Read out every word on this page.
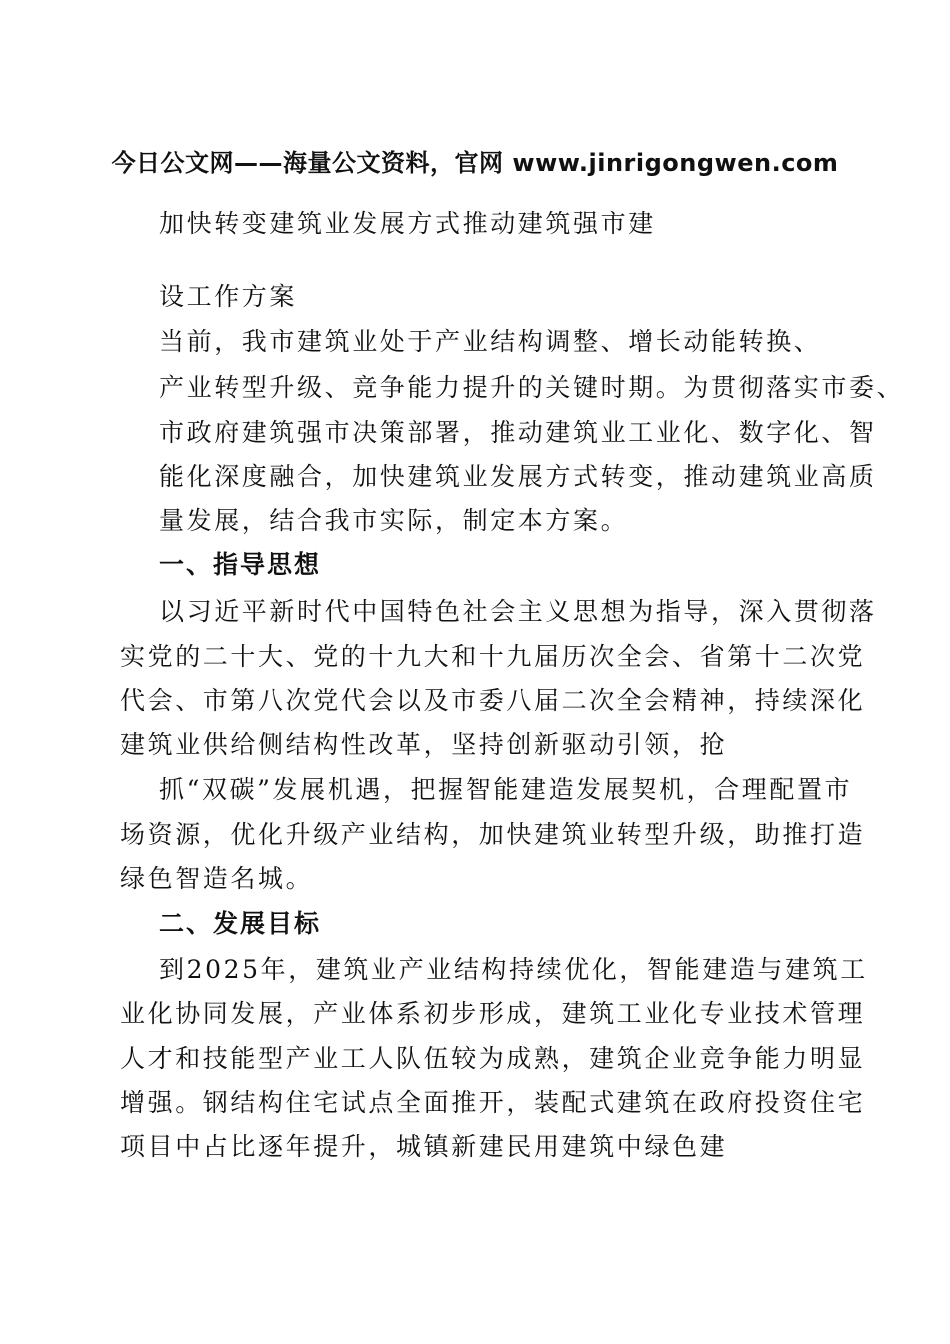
今日公文网——海量公文资料，官网 www.jinrigongwen.com
加快转变建筑业发展方式推动建筑强市建
设工作方案
当前，我市建筑业处于产业结构调整、增长动能转换、
产业转型升级、竞争能力提升的关键时期。为贯彻落实市委、
市政府建筑强市决策部署，推动建筑业工业化、数字化、智
能化深度融合，加快建筑业发展方式转变，推动建筑业高质
量发展，结合我市实际，制定本方案。
一、指导思想
以习近平新时代中国特色社会主义思想为指导，深入贯彻落
实党的二十大、党的十九大和十九届历次全会、省第十二次党
代会、市第八次党代会以及市委八届二次全会精神，持续深化
建筑业供给侧结构性改革，坚持创新驱动引领，抢
抓“双碳”发展机遇，把握智能建造发展契机，合理配置市
场资源，优化升级产业结构，加快建筑业转型升级，助推打造
绿色智造名城。
二、发展目标
到2025年，建筑业产业结构持续优化，智能建造与建筑工
业化协同发展，产业体系初步形成，建筑工业化专业技术管理
人才和技能型产业工人队伍较为成熟，建筑企业竞争能力明显
增强。钢结构住宅试点全面推开，装配式建筑在政府投资住宅
项目中占比逐年提升，城镇新建民用建筑中绿色建
